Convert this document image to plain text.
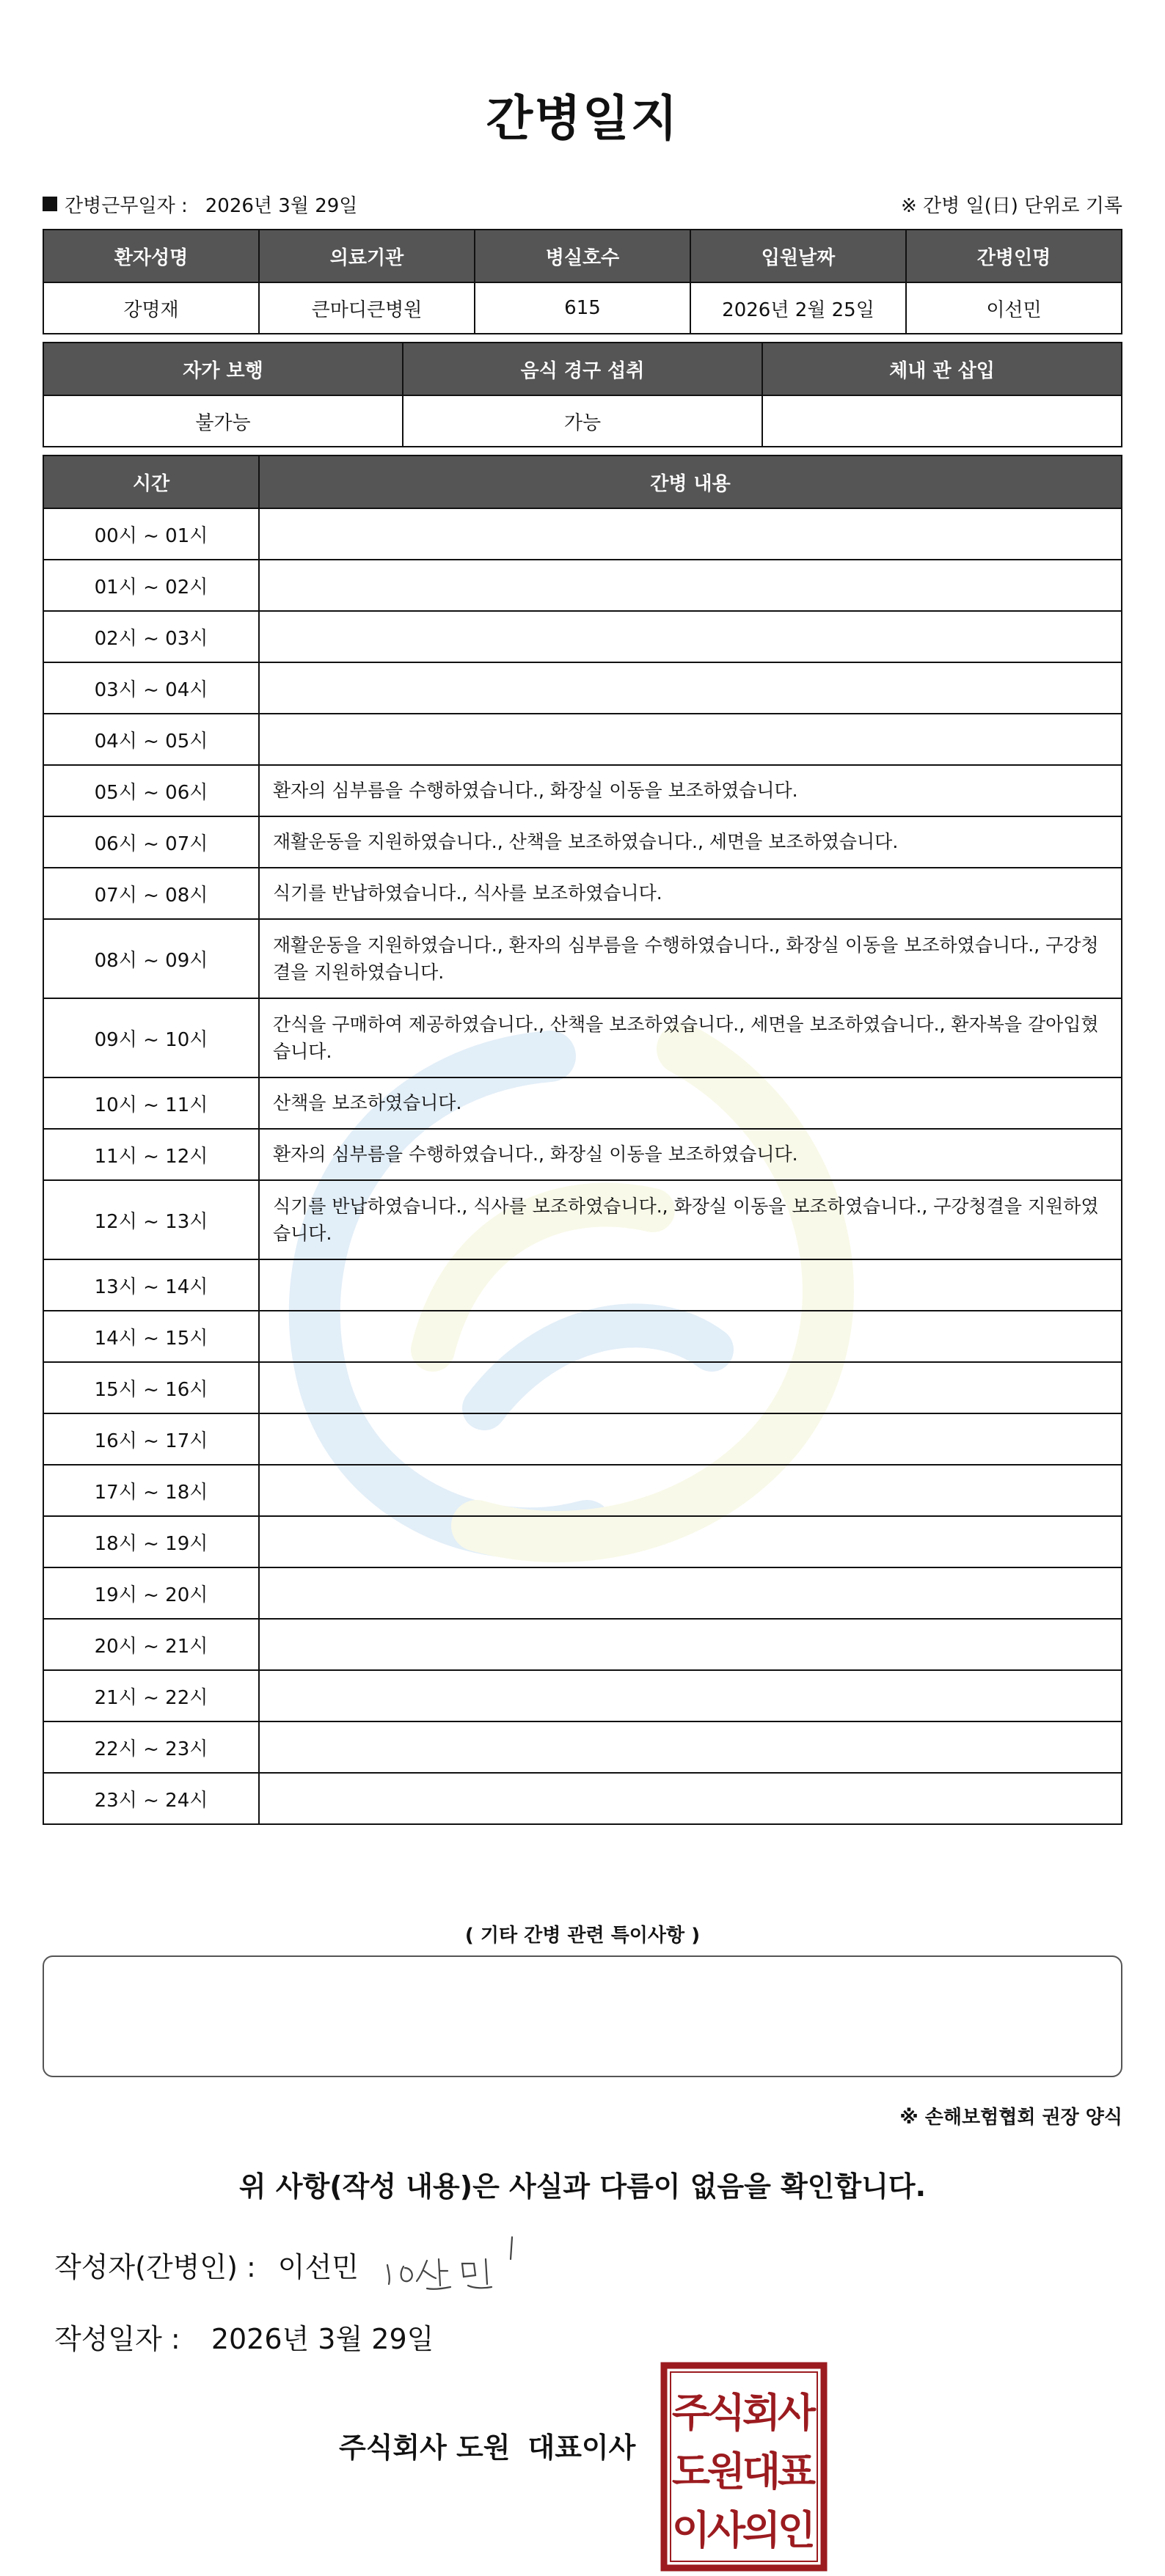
간병일지
간병근무일자 : 2026년 3월 29일	※ 간병 일(日) 단위로 기록
환자성명	의료기관	병실호수	입원날짜	간병인명
강명재	큰마디큰병원	615	2026년 2월 25일	이선민
자가 보행	음식 경구 섭취	체내 관 삽입
불가능	가능	
시간	간병 내용
00시 ~ 01시	
01시 ~ 02시	
02시 ~ 03시	
03시 ~ 04시	
04시 ~ 05시	
05시 ~ 06시	환자의 심부름을 수행하였습니다., 화장실 이동을 보조하였습니다.
06시 ~ 07시	재활운동을 지원하였습니다., 산책을 보조하였습니다., 세면을 보조하였습니다.
07시 ~ 08시	식기를 반납하였습니다., 식사를 보조하였습니다.
08시 ~ 09시	재활운동을 지원하였습니다., 환자의 심부름을 수행하였습니다., 화장실 이동을 보조하였습니다., 구강청결을 지원하였습니다.
09시 ~ 10시	간식을 구매하여 제공하였습니다., 산책을 보조하였습니다., 세면을 보조하였습니다., 환자복을 갈아입혔습니다.
10시 ~ 11시	산책을 보조하였습니다.
11시 ~ 12시	환자의 심부름을 수행하였습니다., 화장실 이동을 보조하였습니다.
12시 ~ 13시	식기를 반납하였습니다., 식사를 보조하였습니다., 화장실 이동을 보조하였습니다., 구강청결을 지원하였습니다.
13시 ~ 14시	
14시 ~ 15시	
15시 ~ 16시	
16시 ~ 17시	
17시 ~ 18시	
18시 ~ 19시	
19시 ~ 20시	
20시 ~ 21시	
21시 ~ 22시	
22시 ~ 23시	
23시 ~ 24시	
( 기타 간병 관련 특이사항 )
※ 손해보험협회 권장 양식
위 사항(작성 내용)은 사실과 다름이 없음을 확인합니다.
작성자(간병인) : 이선민
작성일자 : 2026년 3월 29일
주식회사 도원 대표이사
주
식
회
사
도
원
대
표
이
사
의
인
